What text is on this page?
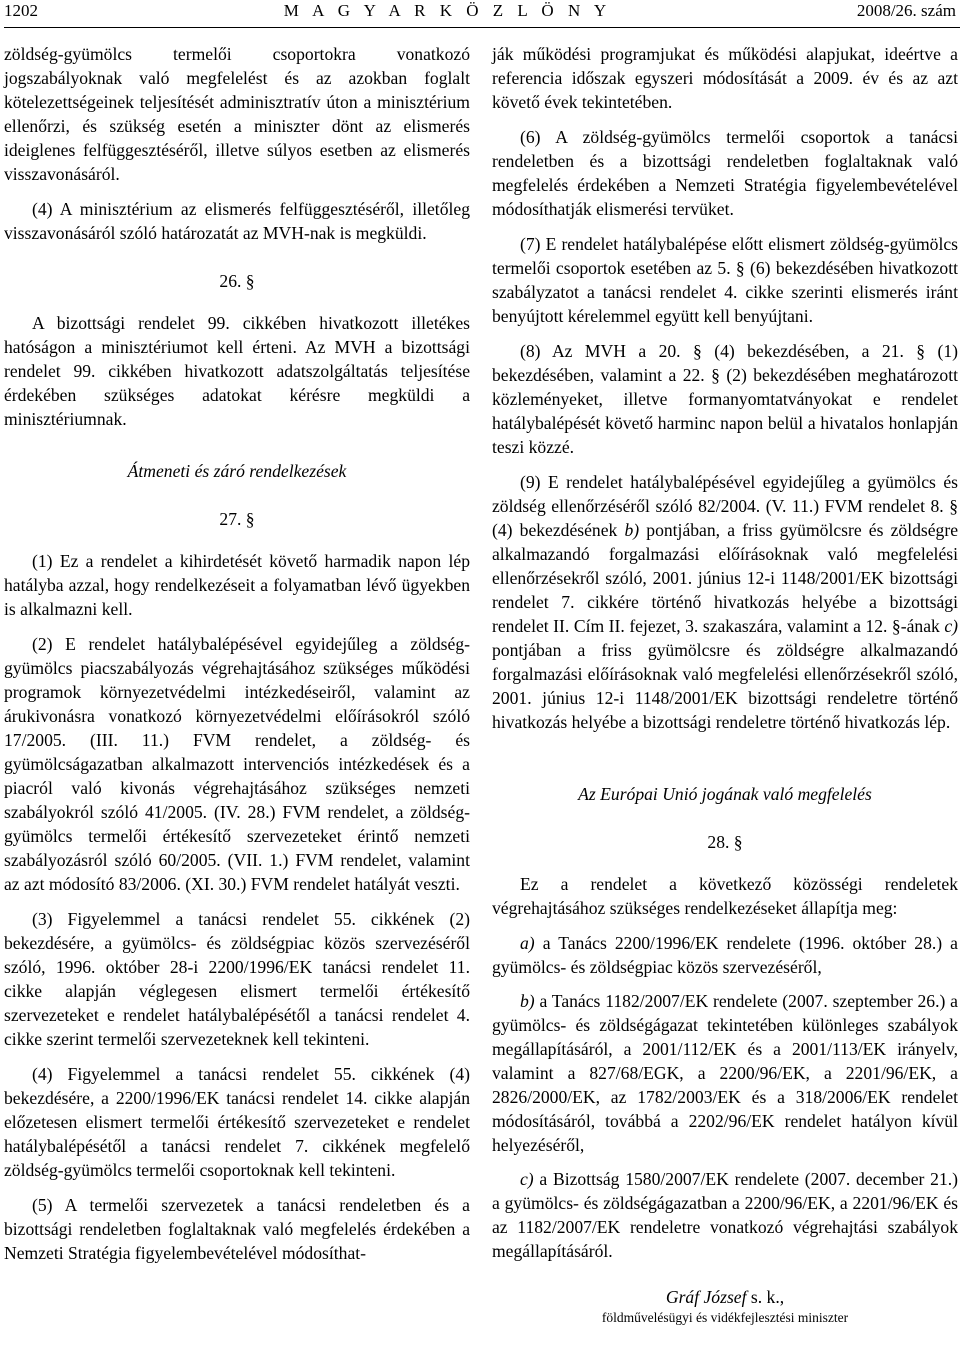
1202	M A G Y A R K Ö Z L Ö N Y	2008/26. szám

zöldség-gyümölcs termelői csoportokra vonatkozó jogszabályoknak való megfelelést és az azokban foglalt kötelezettségeinek teljesítését adminisztratív úton a minisztérium ellenőrzi, és szükség esetén a miniszter dönt az elismerés ideiglenes felfüggesztéséről, illetve súlyos esetben az elismerés visszavonásáról.

(4) A minisztérium az elismerés felfüggesztéséről, illetőleg visszavonásáról szóló határozatát az MVH-nak is megküldi.

26. §

A bizottsági rendelet 99. cikkében hivatkozott illetékes hatóságon a minisztériumot kell érteni. Az MVH a bizottsági rendelet 99. cikkében hivatkozott adatszolgáltatás teljesítése érdekében szükséges adatokat kérésre megküldi a minisztériumnak.

Átmeneti és záró rendelkezések

27. §

(1) Ez a rendelet a kihirdetését követő harmadik napon lép hatályba azzal, hogy rendelkezéseit a folyamatban lévő ügyekben is alkalmazni kell.

(2) E rendelet hatálybalépésével egyidejűleg a zöldség-gyümölcs piacszabályozás végrehajtásához szükséges működési programok környezetvédelmi intézkedéseiről, valamint az árukivonásra vonatkozó környezetvédelmi előírásokról szóló 17/2005. (III. 11.) FVM rendelet, a zöldség- és gyümölcságazatban alkalmazott intervenciós intézkedések és a piacról való kivonás végrehajtásához szükséges nemzeti szabályokról szóló 41/2005. (IV. 28.) FVM rendelet, a zöldség-gyümölcs termelői értékesítő szervezeteket érintő nemzeti szabályozásról szóló 60/2005. (VII. 1.) FVM rendelet, valamint az azt módosító 83/2006. (XI. 30.) FVM rendelet hatályát veszti.

(3) Figyelemmel a tanácsi rendelet 55. cikkének (2) bekezdésére, a gyümölcs- és zöldségpiac közös szervezéséről szóló, 1996. október 28-i 2200/1996/EK tanácsi rendelet 11. cikke alapján véglegesen elismert termelői értékesítő szervezeteket e rendelet hatálybalépésétől a tanácsi rendelet 4. cikke szerint termelői szervezeteknek kell tekinteni.

(4) Figyelemmel a tanácsi rendelet 55. cikkének (4) bekezdésére, a 2200/1996/EK tanácsi rendelet 14. cikke alapján előzetesen elismert termelői értékesítő szervezeteket e rendelet hatálybalépésétől a tanácsi rendelet 7. cikkének megfelelő zöldség-gyümölcs termelői csoportoknak kell tekinteni.

(5) A termelői szervezetek a tanácsi rendeletben és a bizottsági rendeletben foglaltaknak való megfelelés érdekében a Nemzeti Stratégia figyelembevételével módosíthat-

ják működési programjukat és működési alapjukat, ideértve a referencia időszak egyszeri módosítását a 2009. év és az azt követő évek tekintetében.

(6) A zöldség-gyümölcs termelői csoportok a tanácsi rendeletben és a bizottsági rendeletben foglaltaknak való megfelelés érdekében a Nemzeti Stratégia figyelembevételével módosíthatják elismerési tervüket.

(7) E rendelet hatálybalépése előtt elismert zöldség-gyümölcs termelői csoportok esetében az 5. § (6) bekezdésében hivatkozott szabályzatot a tanácsi rendelet 4. cikke szerinti elismerés iránt benyújtott kérelemmel együtt kell benyújtani.

(8) Az MVH a 20. § (4) bekezdésében, a 21. § (1) bekezdésében, valamint a 22. § (2) bekezdésében meghatározott közleményeket, illetve formanyomtatványokat e rendelet hatálybalépését követő harminc napon belül a hivatalos honlapján teszi közzé.

(9) E rendelet hatálybalépésével egyidejűleg a gyümölcs és zöldség ellenőrzéséről szóló 82/2004. (V. 11.) FVM rendelet 8. § (4) bekezdésének b) pontjában, a friss gyümölcsre és zöldségre alkalmazandó forgalmazási előírásoknak való megfelelési ellenőrzésekről szóló, 2001. június 12-i 1148/2001/EK bizottsági rendelet 7. cikkére történő hivatkozás helyébe a bizottsági rendelet II. Cím II. fejezet, 3. szakaszára, valamint a 12. §-ának c) pontjában a friss gyümölcsre és zöldségre alkalmazandó forgalmazási előírásoknak való megfelelési ellenőrzésekről szóló, 2001. június 12-i 1148/2001/EK bizottsági rendeletre történő hivatkozás helyébe a bizottsági rendeletre történő hivatkozás lép.

Az Európai Unió jogának való megfelelés

28. §

Ez a rendelet a következő közösségi rendeletek végrehajtásához szükséges rendelkezéseket állapítja meg:

a) a Tanács 2200/1996/EK rendelete (1996. október 28.) a gyümölcs- és zöldségpiac közös szervezéséről,

b) a Tanács 1182/2007/EK rendelete (2007. szeptember 26.) a gyümölcs- és zöldségágazat tekintetében különleges szabályok megállapításáról, a 2001/112/EK és a 2001/113/EK irányelv, valamint a 827/68/EGK, a 2200/96/EK, a 2201/96/EK, a 2826/2000/EK, az 1782/2003/EK és a 318/2006/EK rendelet módosításáról, továbbá a 2202/96/EK rendelet hatályon kívül helyezéséről,

c) a Bizottság 1580/2007/EK rendelete (2007. december 21.) a gyümölcs- és zöldségágazatban a 2200/96/EK, a 2201/96/EK és az 1182/2007/EK rendeletre vonatkozó végrehajtási szabályok megállapításáról.

Gráf József s. k.,
földművelésügyi és vidékfejlesztési miniszter
